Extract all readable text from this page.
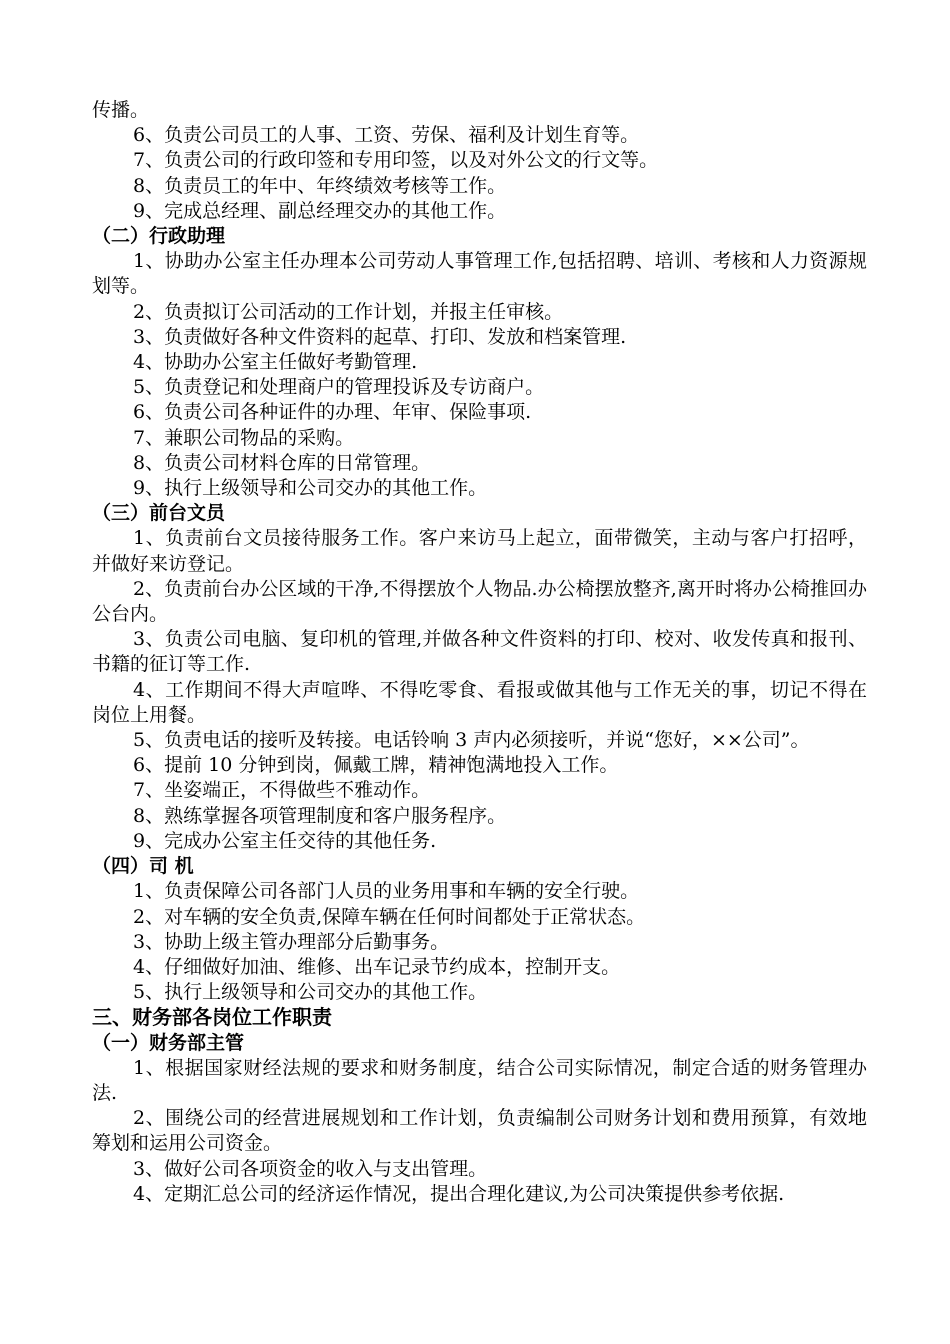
传播。

6、负责公司员工的人事、工资、劳保、福利及计划生育等。

7、负责公司的行政印签和专用印签，以及对外公文的行文等。

8、负责员工的年中、年终绩效考核等工作。

9、完成总经理、副总经理交办的其他工作。

（二）行政助理

1、协助办公室主任办理本公司劳动人事管理工作,包括招聘、培训、考核和人力资源规划等。

2、负责拟订公司活动的工作计划，并报主任审核。

3、负责做好各种文件资料的起草、打印、发放和档案管理.

4、协助办公室主任做好考勤管理.

5、负责登记和处理商户的管理投诉及专访商户。

6、负责公司各种证件的办理、年审、保险事项.

7、兼职公司物品的采购。

8、负责公司材料仓库的日常管理。

9、执行上级领导和公司交办的其他工作。

（三）前台文员

1、负责前台文员接待服务工作。客户来访马上起立，面带微笑，主动与客户打招呼，并做好来访登记。

2、负责前台办公区域的干净,不得摆放个人物品.办公椅摆放整齐,离开时将办公椅推回办公台内。

3、负责公司电脑、复印机的管理,并做各种文件资料的打印、校对、收发传真和报刊、书籍的征订等工作.

4、工作期间不得大声喧哗、不得吃零食、看报或做其他与工作无关的事，切记不得在岗位上用餐。

5、负责电话的接听及转接。电话铃响 3 声内必须接听，并说“您好，××公司”。

6、提前 10 分钟到岗，佩戴工牌，精神饱满地投入工作。

7、坐姿端正，不得做些不雅动作。

8、熟练掌握各项管理制度和客户服务程序。

9、完成办公室主任交待的其他任务.

（四）司 机

1、负责保障公司各部门人员的业务用事和车辆的安全行驶。

2、对车辆的安全负责,保障车辆在任何时间都处于正常状态。

3、协助上级主管办理部分后勤事务。

4、仔细做好加油、维修、出车记录节约成本，控制开支。

5、执行上级领导和公司交办的其他工作。

三、财务部各岗位工作职责

（一）财务部主管

1、根据国家财经法规的要求和财务制度，结合公司实际情况，制定合适的财务管理办法.

2、围绕公司的经营进展规划和工作计划，负责编制公司财务计划和费用预算，有效地筹划和运用公司资金。

3、做好公司各项资金的收入与支出管理。

4、定期汇总公司的经济运作情况，提出合理化建议,为公司决策提供参考依据.
